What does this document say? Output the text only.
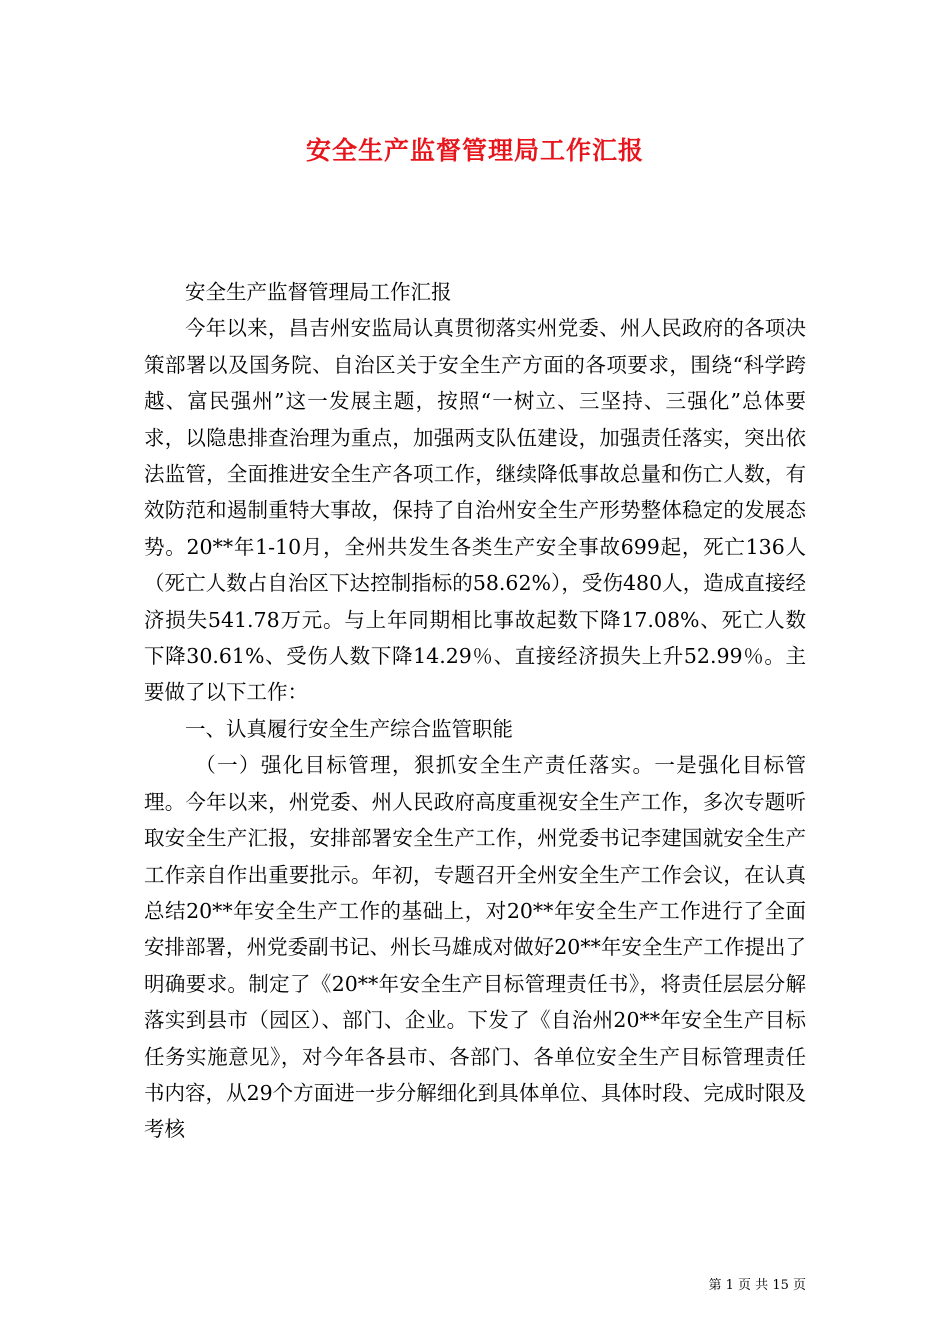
安全生产监督管理局工作汇报

安全生产监督管理局工作汇报

今年以来，昌吉州安监局认真贯彻落实州党委、州人民政府的各项决策部署以及国务院、自治区关于安全生产方面的各项要求，围绕“科学跨越、富民强州”这一发展主题，按照“一树立、三坚持、三强化”总体要求，以隐患排查治理为重点，加强两支队伍建设，加强责任落实，突出依法监管，全面推进安全生产各项工作，继续降低事故总量和伤亡人数，有效防范和遏制重特大事故，保持了自治州安全生产形势整体稳定的发展态势。20**年1-10月，全州共发生各类生产安全事故699起，死亡136人（死亡人数占自治区下达控制指标的58.62%），受伤480人，造成直接经济损失541.78万元。与上年同期相比事故起数下降17.08%、死亡人数下降30.61%、受伤人数下降14.29％、直接经济损失上升52.99％。主要做了以下工作：

一、认真履行安全生产综合监管职能

（一）强化目标管理，狠抓安全生产责任落实。一是强化目标管理。今年以来，州党委、州人民政府高度重视安全生产工作，多次专题听取安全生产汇报，安排部署安全生产工作，州党委书记李建国就安全生产工作亲自作出重要批示。年初，专题召开全州安全生产工作会议，在认真总结20**年安全生产工作的基础上，对20**年安全生产工作进行了全面安排部署，州党委副书记、州长马雄成对做好20**年安全生产工作提出了明确要求。制定了《20**年安全生产目标管理责任书》，将责任层层分解落实到县市（园区）、部门、企业。下发了《自治州20**年安全生产目标任务实施意见》，对今年各县市、各部门、各单位安全生产目标管理责任书内容，从29个方面进一步分解细化到具体单位、具体时段、完成时限及考核

第 1 页 共 15 页
